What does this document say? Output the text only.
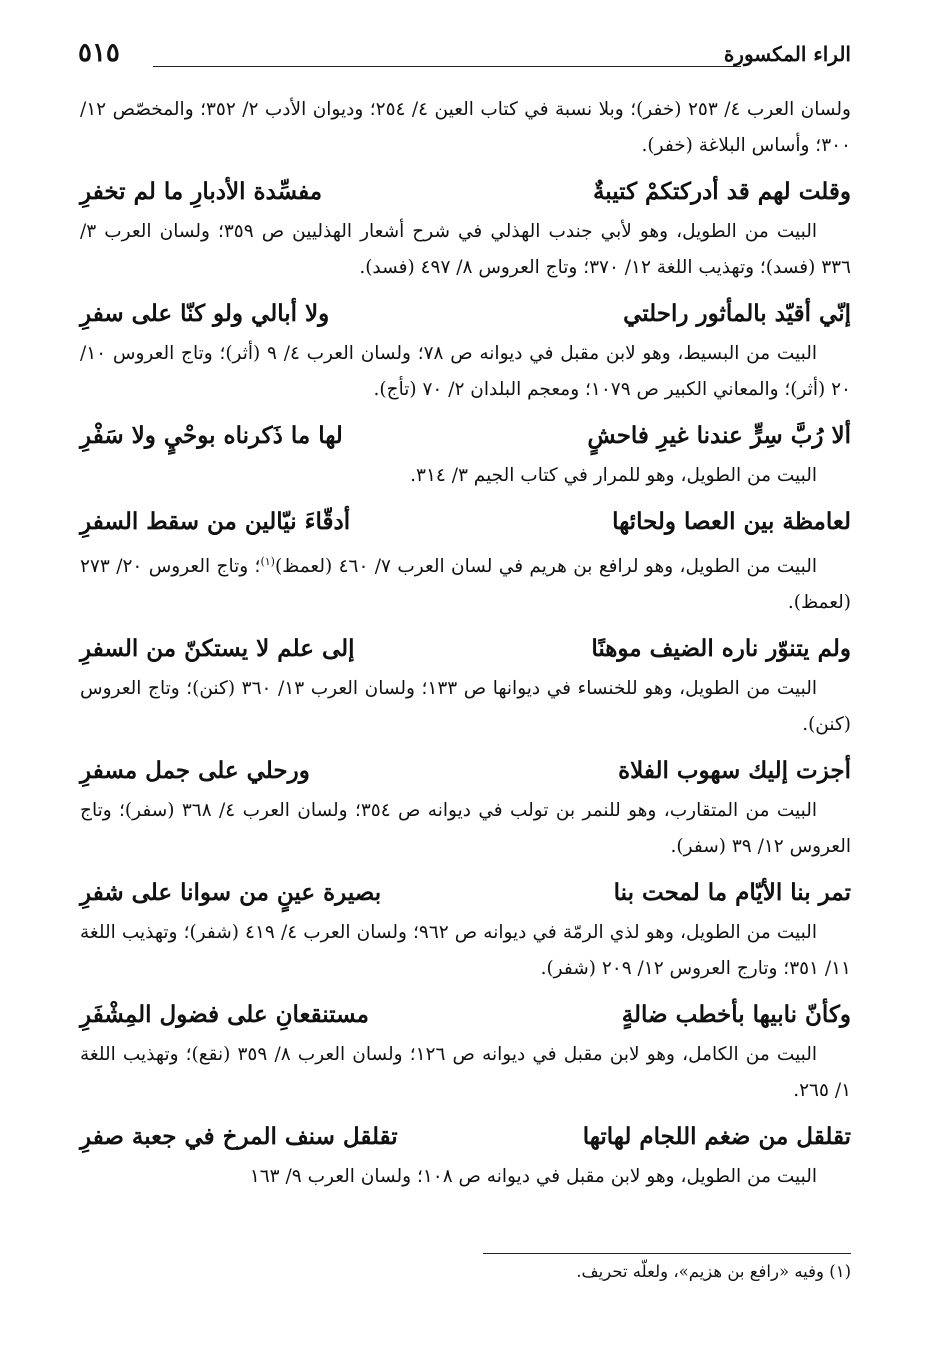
الراء المكسورة
٥١٥

ولسان العرب ٤/ ٢٥٣ (خفر)؛ وبلا نسبة في كتاب العين ٤/ ٢٥٤؛ وديوان الأدب ٢/ ٣٥٢؛ والمخصّص ١٢/ ٣٠٠؛ وأساس البلاغة (خفر).

وقلت لهم قد أدركتكمْ كتيبةٌ
مفسِّدة الأدبارِ ما لم تخفرِ

البيت من الطويل، وهو لأبي جندب الهذلي في شرح أشعار الهذليين ص ٣٥٩؛ ولسان العرب ٣/ ٣٣٦ (فسد)؛ وتهذيب اللغة ١٢/ ٣٧٠؛ وتاج العروس ٨/ ٤٩٧ (فسد).

إنّي أقيّد بالمأثور راحلتي
ولا أبالي ولو كنّا على سفرِ

البيت من البسيط، وهو لابن مقبل في ديوانه ص ٧٨؛ ولسان العرب ٤/ ٩ (أثر)؛ وتاج العروس ١٠/ ٢٠ (أثر)؛ والمعاني الكبير ص ١٠٧٩؛ ومعجم البلدان ٢/ ٧٠ (تأج).

ألا رُبَّ سِرٍّ عندنا غيرِ فاحشٍ
لها ما ذَكرناه بوحْيٍ ولا سَفْرِ

البيت من الطويل، وهو للمرار في كتاب الجيم ٣/ ٣١٤.

لعامظة بين العصا ولحائها
أدقّاءَ نيّالين من سقط السفرِ

البيت من الطويل، وهو لرافع بن هريم في لسان العرب ٧/ ٤٦٠ (لعمظ)$^{(١)}$؛ وتاج العروس ٢٠/ ٢٧٣ (لعمظ).

ولم يتنوّر ناره الضيف موهنًا
إلى علم لا يستكنّ من السفرِ

البيت من الطويل، وهو للخنساء في ديوانها ص ١٣٣؛ ولسان العرب ١٣/ ٣٦٠ (كنن)؛ وتاج العروس (كنن).

أجزت إليك سهوب الفلاة
ورحلي على جمل مسفرِ

البيت من المتقارب، وهو للنمر بن تولب في ديوانه ص ٣٥٤؛ ولسان العرب ٤/ ٣٦٨ (سفر)؛ وتاج العروس ١٢/ ٣٩ (سفر).

تمر بنا الأيّام ما لمحت بنا
بصيرة عينٍ من سوانا على شفرِ

البيت من الطويل، وهو لذي الرمّة في ديوانه ص ٩٦٢؛ ولسان العرب ٤/ ٤١٩ (شفر)؛ وتهذيب اللغة ١١/ ٣٥١؛ وتارج العروس ١٢/ ٢٠٩ (شفر).

وكأنّ نابيها بأخطب ضالةٍ
مستنقعانِ على فضول المِشْفَرِ

البيت من الكامل، وهو لابن مقبل في ديوانه ص ١٢٦؛ ولسان العرب ٨/ ٣٥٩ (نقع)؛ وتهذيب اللغة ١/ ٢٦٥.

تقلقل من ضغم اللجام لهاتها
تقلقل سنف المرخ في جعبة صفرِ

البيت من الطويل، وهو لابن مقبل في ديوانه ص ١٠٨؛ ولسان العرب ٩/ ١٦٣

(١) وفيه «رافع بن هزيم»، ولعلّه تحريف.
